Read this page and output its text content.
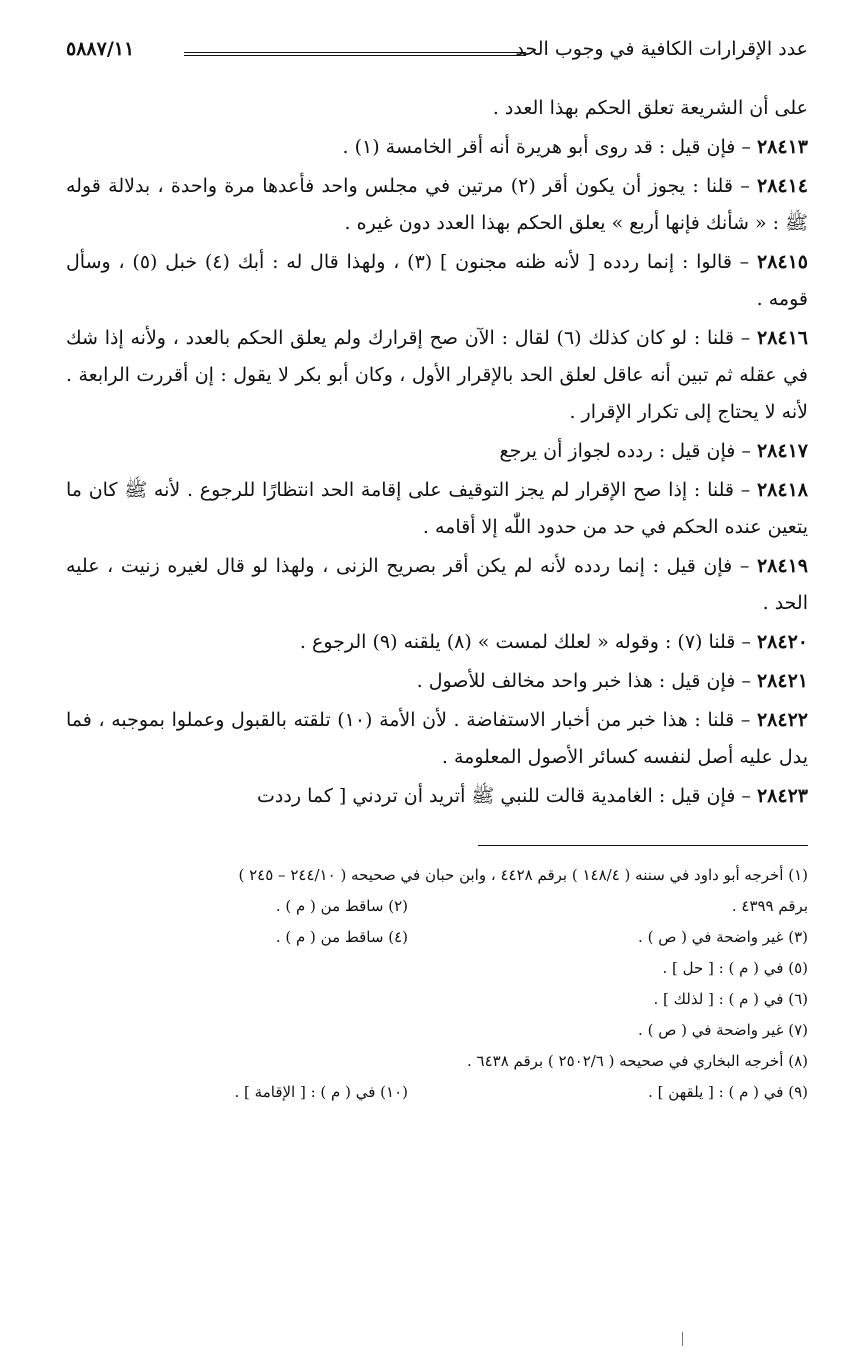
عدد الإقرارات الكافية في وجوب الحد
٥٨٨٧/١١

على أن الشريعة تعلق الحكم بهذا العدد .

٢٨٤١٣ – فإن قيل : قد روى أبو هريرة أنه أقر الخامسة (١) .

٢٨٤١٤ – قلنا : يجوز أن يكون أقر (٢) مرتين في مجلس واحد فأعدها مرة واحدة ، بدلالة قوله ﷺ : « شأنك فإنها أربع » يعلق الحكم بهذا العدد دون غيره .

٢٨٤١٥ – قالوا : إنما ردده [ لأنه ظنه مجنون ] (٣) ، ولهذا قال له : أبك (٤) خبل (٥) ، وسأل قومه .

٢٨٤١٦ – قلنا : لو كان كذلك (٦) لقال : الآن صح إقرارك ولم يعلق الحكم بالعدد ، ولأنه إذا شك في عقله ثم تبين أنه عاقل لعلق الحد بالإقرار الأول ، وكان أبو بكر لا يقول : إن أقررت الرابعة . لأنه لا يحتاج إلى تكرار الإقرار .

٢٨٤١٧ – فإن قيل : ردده لجواز أن يرجع

٢٨٤١٨ – قلنا : إذا صح الإقرار لم يجز التوقيف على إقامة الحد انتظارًا للرجوع . لأنه ﷺ كان ما يتعين عنده الحكم في حد من حدود اللّٰه إلا أقامه .

٢٨٤١٩ – فإن قيل : إنما ردده لأنه لم يكن أقر بصريح الزنى ، ولهذا لو قال لغيره زنيت ، عليه الحد .

٢٨٤٢٠ – قلنا (٧) : وقوله « لعلك لمست » (٨) يلقنه (٩) الرجوع .

٢٨٤٢١ – فإن قيل : هذا خبر واحد مخالف للأصول .

٢٨٤٢٢ – قلنا : هذا خبر من أخبار الاستفاضة . لأن الأمة (١٠) تلقته بالقبول وعملوا بموجبه ، فما يدل عليه أصل لنفسه كسائر الأصول المعلومة .

٢٨٤٢٣ – فإن قيل : الغامدية قالت للنبي ﷺ أتريد أن تردني [ كما رددت

(١) أخرجه أبو داود في سننه ( ١٤٨/٤ ) برقم ٤٤٢٨ ، وابن حبان في صحيحه ( ٢٤٤/١٠ – ٢٤٥ )
برقم ٤٣٩٩ .
(٢) ساقط من ( م ) .
(٣) غير واضحة في ( ص ) .
(٤) ساقط من ( م ) .
(٥) في ( م ) : [ حل ] .
(٦) في ( م ) : [ لذلك ] .
(٧) غير واضحة في ( ص ) .
(٨) أخرجه البخاري في صحيحه ( ٢٥٠٢/٦ ) برقم ٦٤٣٨ .
(٩) في ( م ) : [ يلقهن ] .
(١٠) في ( م ) : [ الإقامة ] .
